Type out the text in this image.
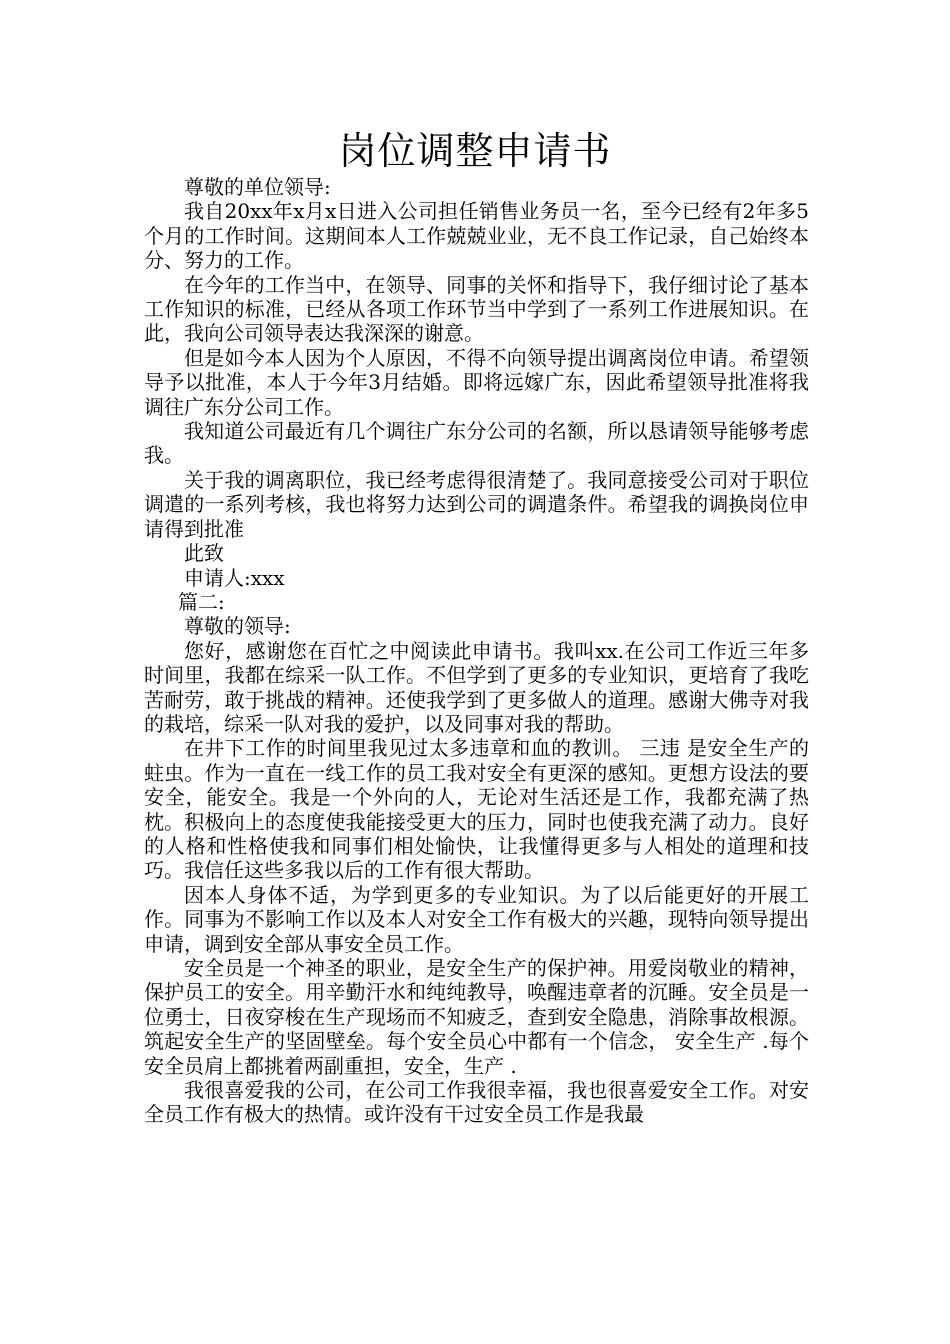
岗位调整申请书

尊敬的单位领导:

我自20xx年x月x日进入公司担任销售业务员一名，至今已经有2年多5个月的工作时间。这期间本人工作兢兢业业，无不良工作记录，自己始终本分、努力的工作。

在今年的工作当中，在领导、同事的关怀和指导下，我仔细讨论了基本工作知识的标准，已经从各项工作环节当中学到了一系列工作进展知识。在此，我向公司领导表达我深深的谢意。

但是如今本人因为个人原因，不得不向领导提出调离岗位申请。希望领导予以批准，本人于今年3月结婚。即将远嫁广东，因此希望领导批准将我调往广东分公司工作。

我知道公司最近有几个调往广东分公司的名额，所以恳请领导能够考虑我。

关于我的调离职位，我已经考虑得很清楚了。我同意接受公司对于职位调遣的一系列考核，我也将努力达到公司的调遣条件。希望我的调换岗位申请得到批准

此致

申请人:xxx

篇二:

尊敬的领导:

您好，感谢您在百忙之中阅读此申请书。我叫xx.在公司工作近三年多时间里，我都在综采一队工作。不但学到了更多的专业知识，更培育了我吃苦耐劳，敢于挑战的精神。还使我学到了更多做人的道理。感谢大佛寺对我的栽培，综采一队对我的爱护，以及同事对我的帮助。

在井下工作的时间里我见过太多违章和血的教训。 三违 是安全生产的蛀虫。作为一直在一线工作的员工我对安全有更深的感知。更想方设法的要安全，能安全。我是一个外向的人，无论对生活还是工作，我都充满了热枕。积极向上的态度使我能接受更大的压力，同时也使我充满了动力。良好的人格和性格使我和同事们相处愉快，让我懂得更多与人相处的道理和技巧。我信任这些多我以后的工作有很大帮助。

因本人身体不适，为学到更多的专业知识。为了以后能更好的开展工作。同事为不影响工作以及本人对安全工作有极大的兴趣，现特向领导提出申请，调到安全部从事安全员工作。

安全员是一个神圣的职业，是安全生产的保护神。用爱岗敬业的精神，保护员工的安全。用辛勤汗水和纯纯教导，唤醒违章者的沉睡。安全员是一位勇士，日夜穿梭在生产现场而不知疲乏，查到安全隐患，消除事故根源。筑起安全生产的坚固壁垒。每个安全员心中都有一个信念， 安全生产 .每个安全员肩上都挑着两副重担，安全，生产 .

我很喜爱我的公司，在公司工作我很幸福，我也很喜爱安全工作。对安全员工作有极大的热情。或许没有干过安全员工作是我最
